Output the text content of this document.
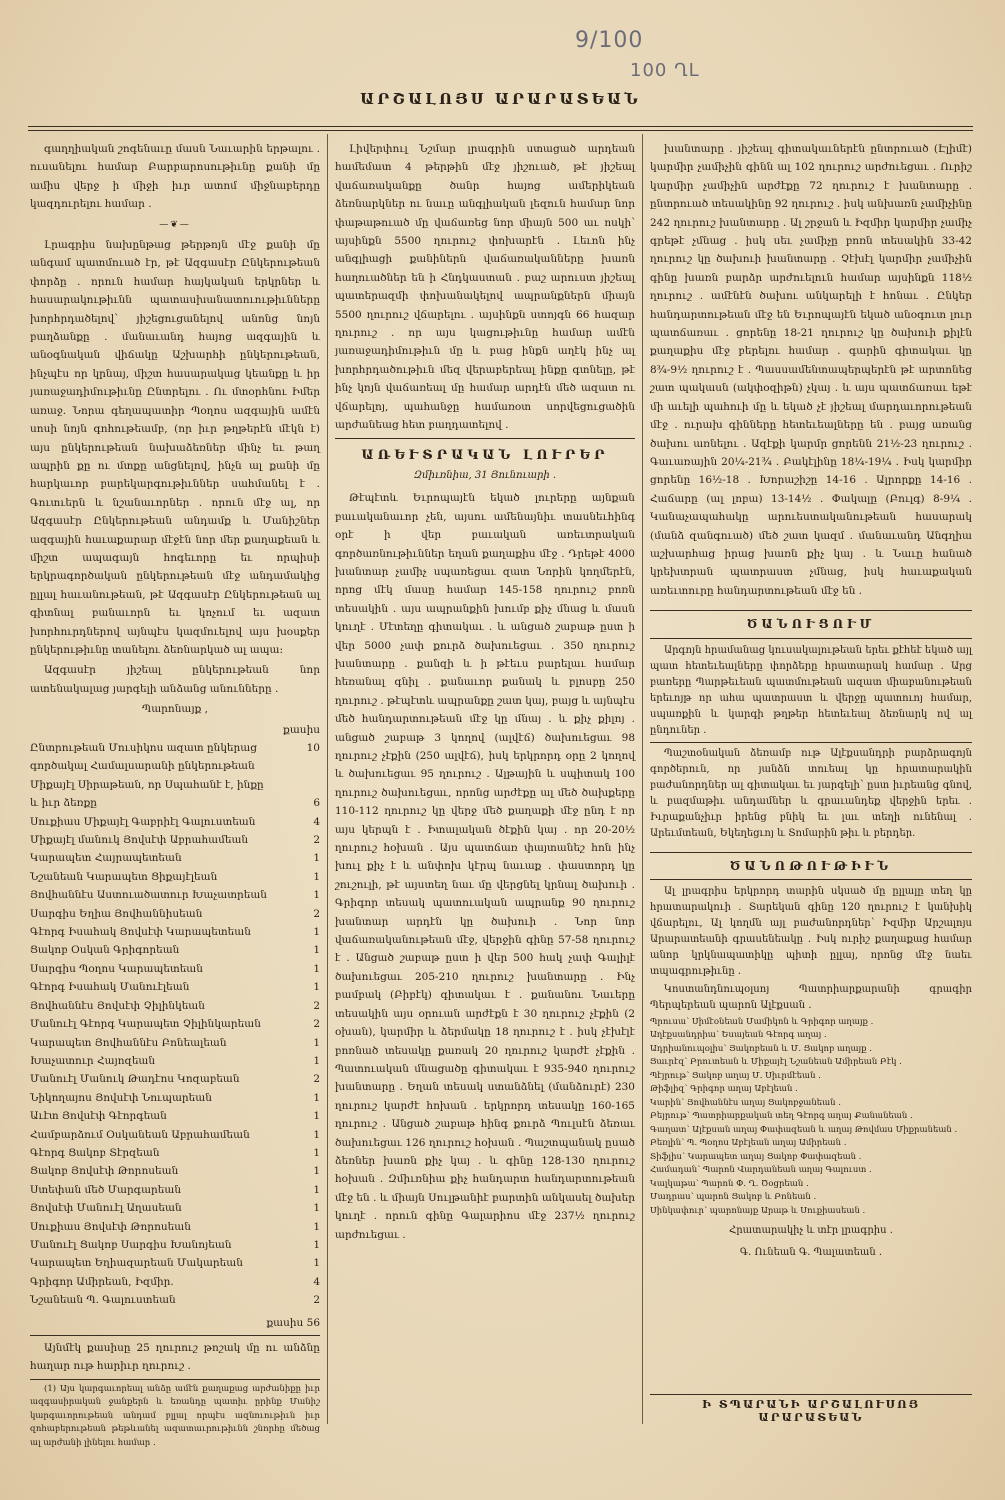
9/100
100 ՂL
ԱՐՇԱԼՈՅՍ ԱՐԱՐԱՏԵԱՆ

գաղղիական շոգենաւը մասն Նաւարին երթալու . ուսանելու համար Բարբարոսութիւնը քանի մը ամիս վերջ ի միջի իւր ատոմ միջնաբերդը կազդուրելու համար .

—❦—

Լրագրիս նախընթաց թերթոյն մէջ քանի մը անգամ պատմուած էր, թէ Ազգասէր Ընկերութեան փորձը . որուն համար հայկական երկրներ և հասարակութիւնն պատասխանատուութիւնները խորհրդածելով՝ յիշեցուցանելով անոնց նոյն բաղձանքը . մանաւանդ հայոց ազգային և անօգնական վիճակը Աշխարհի ընկերութեան, ինչպէս որ կրնայ, միշտ հասարակաց կեանքը և իր յառաջադիմութիւնը Ընտրելու . Ու մտօրհնու Իմեր առաջ. Նորա գեղապատիր Պօղոս ազգային ամէն սոսի նոյն գոհութեամբ, (որ իւր թղթերէն մէկն է) այս ընկերութեան նախաձեռներ մինչ եւ թաղ ապրին քը ու մտքը անցնելով, ինչն ալ քանի մը հարկաւոր բարեկարգութիւններ սահմանել է . Գուտւերն և նշանաւորներ . որուն մէջ ալ, որ Ազգասէր Ընկերութեան անդամք և Մանիշներ ազգային հաւաքարար մէջէն նոր մեր քաղաքեան և միշտ ապագայն հոգեւորը եւ որպիսի երկրագործական ընկերութեան մէջ անդամակից ըլլալ հաւանութեան, թէ Ազգասէր Ընկերութեան ալ գիտնալ բանաւորն եւ կոչում եւ ազատ խորհուրդներով այնպէս կազմուելով այս խօսքեր ընկերութիւնը տանելու ձեռնարկած ալ ապա։

Ազգասէր յիշեալ ընկերութեան նոր ատենակալաց յարգելի անձանց անունները .

Պարոնայք ,
	քասիս
Ընտրութեան Մուսիկոս ազատ ընկերաց	10
գործակալ Համալսարանի ընկերութեան	
Միքայէլ Սիրաթեան, որ Սպահանէ է, ինքը	
և իւր ձեռքը	6
Սուքիաս Միքայէլ Գաբրիէլ Գալուստեան	4
Միքայէլ մանուկ Յովսէփ Աբրահամեան	2
Կարապետ Հայրապետեան	1
Նշանեան Կարապետ Ցիքայէլեան	1
Յովհաննէս Աստուածատուր Խաչատրեան	1
Սարգիս Եղիա Յովհաննիսեան	2
Գէորգ Իսահակ Յովսէփ Կարապետեան	1
Ցակոբ Օսկան Գրիգորեան	1
Սարգիս Պօղոս Կարապետեան	1
Գէորգ Իսահակ Մանուէլեան	1
Յովհաննէս Յովսէփ Չիլինկեան	2
Մանուէլ Գէորգ Կարապետ Չիլինկարեան	2
Կարապետ Յովհաննէս Բոնեալեան	1
Խաչատուր Հայոզեան	1
Մանուէլ Մանուկ Թադէոս Կոզաբեան	2
Նիկողայոս Յովսէփ Նուպարեան	1
Աւէտ Յովսէփ Գէորգեան	1
Համբարձում Օսկանեան Աբրահամեան	1
Գէորգ Ցակոբ Տէրզեան	1
Ցակոբ Յովսէփ Թորոսեան	1
Ստեփան մեծ Մարգարեան	1
Յովսէփ Մանուէլ Աղասեան	1
Սուքիաս Յովսէփ Թորոսեան	1
Մանուէլ Ցակոբ Սարգիս Խանոյեան	1
Կարապետ Եղիազարեան Մակարեան	1
Գրիգոր Ամիրեան, Իզմիր.	4
Նշանեան Պ. Գալուստեան	2
քասիս 56

Այնմէկ քասիսը 25 ղուրուշ թոշակ մը ու անձնը հաղար ութ հարիւր ղուրուշ .

(1) Այս կարգաւորեալ անձը ամէն քաղաքաց արժանիքը իւր ազգասիրական ջանքերն և եռանդը պատիւ ըրինք Մանիշ կարգաւորութեան անդամ բլլալ որպէս ազնուութիւն իւր զոհաբերութեան թեթևանել ազատաւրութիւնն շնորհը մեծաց ալ արժանի լինելու համար .

Լիվերփուլ Նշմար լրագրին ստացած արդեան համեմատ 4 թերթին մէջ յիշուած, թէ յիշեալ վաճառականքը ծանր հայոց ամերիկեան ձեռնարկներ ու նաւը անգլիական լեզուն համար նոր փաթաթուած մը վաճառեց նոր միայն 500 աւ ոսկի՝ այսինքն 5500 ղուրուշ փոխարէն . Լեւոն ինչ անգլիացի քանիներն վաճառականները խառն հաղուածներ են ի Հնդկաստան . բաշ արուստ յիշեալ պատերազմի փոխանակելով ապրանքներն միայն 5500 ղուրուշ վճարելու . այսինքն ստոյգն 66 հազար ղուրուշ . որ այս կացութիւնը համար ամէն յառաջադիմութիւն մը և բաց ինքն աղէկ ինչ ալ խորհրդածութիւն մեզ վերաբերեալ ինքը գտնելը, թէ ինչ կոյն վաճառեալ մը համար արդէն մեծ ազատ ու վճարելոյ, պահանջը համառօտ սորվեցուցածին արժանեաց հետ բաղդատելով .

ԱՌԵՒՏՐԱԿԱՆ ԼՈՒՐԵՐ
Զմիւռնիա, 31 Յունուարի .

Թէպէտև Եւրոպայէն եկած լուրերը այնքան բաւականաւոր չեն, այսու ամենայնիւ տասնեւհինգ օրէ ի վեր բաւական առեւտրական գործառնութիւններ եղան քաղաքիս մէջ . Դրեթէ 4000 խանտար չամիչ սպառեցաւ զատ Նորին կողմերէն, որոց մէկ մասը համար 145-158 ղուրուշ բոռն տեսակին . այս ապրանքին խումբ քիչ մնաց և մասն կուղէ . Մէտեղը գիտակաւ . և անցած շաբաթ ըստ ի վեր 5000 չափ քուրձ ծախուեցաւ . 350 ղուրուշ խանտարը . քանզի և ի թէեւս բարելաւ համար հեռանալ գնիլ . քանաւոր քանակ և բլոսբը 250 ղուրուշ . թէպէտև ապրանքը շատ կայ, բայց և այնպէս մեծ հանդարտութեան մէջ կը մնայ . և քիչ քիլոյ . անցած շաբաթ 3 կողով (ալվէճ) ծախուեցաւ 98 ղուրուշ չէքին (250 ալվէճ), իսկ երկրորդ օրը 2 կողով և ծախուեցաւ 95 ղուրուշ . Ալթային և սպիտակ 100 ղուրուշ ծախուեցաւ, որոնց արժէքը ալ մեծ ծախքերը 110-112 ղուրուշ կը վերջ մեծ քաղաքի մէջ ընդ է որ այս կերպն է . Իտալական ծէքին կայ . որ 20-20½ ղուրուշ հօխան . Այս պատճառ փայտանեշ հոն ինչ խուլ քիչ է և անփոխ կէրպ նաւաք . փաստորդ կը շուշուլի, թէ այստեղ նաւ մը վերցնել կրնալ ծախուի . Գրիգոր տեսակ պատուական ապրանք 90 ղուրուշ խանտար արդէն կը ծախուի . Նոր նոր վաճառականութեան մէջ, վերջին գինը 57-58 ղուրուշ է . Անցած շաբաթ ըստ ի վեր 500 հակ չափ Գալիլէ ծախուեցաւ 205-210 ղուրուշ խանտարը . Ինչ բամբակ (Բիբէկ) գիտակաւ է . քանանու Նաւերը տեսակին այս օրուան արժէքն է 30 ղուրուշ չէքին (2 օխան), կարմիր և ձերմակը 18 ղուրուշ է . իսկ չէխէլէ բոռնած տեսակը քառակ 20 ղուրուշ կարժէ չէքին . Պատուական մնացածը գիտակաւ է 935-940 ղուրուշ խանտարը . Եղան տեսակ ստանձնել (մանձուրէ) 230 ղուրուշ կարժէ հոխան . երկրորդ տեսակը 160-165 ղուրուշ . Անցած շաբաթ հինգ քուրձ Պուլսէն ձեռաւ ծախուեցաւ 126 ղուրուշ հօխան . Պաշտպանակ ըսած ձեռներ խառն քիչ կայ . և գինը 128-130 ղուրուշ հօխան . Զմիւռնիա քիչ հանդարտ հանդարտութեան մէջ են . և միայն Սուլթանիէ բարտին անկասել ծախեր կուղէ . որուն գինը Գալարիոս մէջ 237½ ղուրուշ արժուեցաւ .

խանտարը . յիշեալ գիտակաւներէն ընտրուած (Էլիմէ) կարմիր չամիչին գինն ալ 102 ղուրուշ արժուեցաւ . Ուրիշ կարմիր չամիչին արժէքը 72 ղուրուշ է խանտարը . ընտրուած տեսակինը 92 ղուրուշ . իսկ անխառն չամիչինը 242 ղուրուշ խանտարը . Ալ շրջան և Իզմիր կարմիր չամիչ գրեթէ չմնաց . իսկ սեւ չամիչը բոռն տեսակին 33-42 ղուրուշ կը ծախուի խանտարը . Չէխէլ կարմիր չամիչին գինը խառն բարձր արժուելուն համար այսինքն 118½ ղուրուշ . ամէնէն ծախու անկարելի է հոնաւ . Ընկեր հանդարտութեան մէջ են Եւրոպայէն եկած անօգուտ լուր պատճառաւ . ցորենը 18-21 ղուրուշ կը ծախուի քիլէն քաղաքիս մէջ բերելու համար . գարին գիտակաւ կը 8¾-9½ ղուրուշ է . Պասսամենտապերպերէն թէ արտոնեց շատ պակասն (ակփօզիթն) չկայ . և այս պատճառաւ եթէ մի աւելի պահուի մը և եկած չէ յիշեալ մարդաւորութեան մէջ . ուրախ գինները հետեւեալները են . բայց առանց ծախու առնելու . Ազէքի կարմր ցորենն 21½-23 ղուրուշ . Գաւառային 20¼-21¾ . Բակէլինը 18¼-19¼ . Իսկ կարմիր ցորենը 16½-18 . Խորաշիշը 14-16 . Ալրորքը 14-16 . Հաճարը (ալ լոբա) 13-14½ . Փակալը (Բուլգ) 8-9¼ . Կանաչապահակը արուեստականութեան հասարակ (մանձ զանգուած) մեծ շատ կազմ . մանաւանդ Անգղիա աշխարհաց իրաց խառն քիչ կայ . և Նաւը հանած կրեխտրան պատրաստ չմնաց, իսկ հաւաքական առեւտուրը հանդարտութեան մէջ են .

ԾԱՆՈՒՑՈՒՄ

Արգոյն հրամանաց կուսակալութեան երեւ քէհեէ եկած այլ պատ հետեւեալները փորձերը հրատարակ համար . Արց բառերը Պարթեւեան պատմութեան ազատ միաբանութեան երեւոյթ որ ահա պատրաստ և վերջը պատուոյ համար, սպառքին և կարգի թղթեր հետեւեալ ձեռնարկ ով ալ ընդուներ .

Պաշտօնական ձեռամբ ութ Ալէքսանդրի բարձրագոյն գործերուն, որ յանձն տուեալ կը հրատարակին բաժանորդներ ալ գիտակաւ եւ յարգելի՝ ըստ իւրեանց գնով, և բազմաթիւ անդամներ և գրաւանդեք վերջին երեւ . Իւրաքանչիւր իրենց բնիկ եւ լաւ տեղի ունենալ . Արեւմտեան, Եկեղեցւոյ և Տոմարին թիւ և բերդեր.

ԾԱՆՈԹՈՒԹԻՒՆ

Ալ լրագրիս երկրորդ տարին սկսած մը ըլլալը տեղ կը հրատարակուի . Տարեկան գինը 120 ղուրուշ է կանխիկ վճարելու, Ալ կողմն այլ բաժանորդներ՝ Իզմիր Արշալոյս Արարատեանի գրասենեակը . Իսկ ուրիշ քաղաքաց համար անոր կրկնապատիկը պիտի ըլլայ, որոնց մէջ նաեւ տպագրութիւնը .

Կոստանդնուպօլսոյ Պատրիարքարանի գրագիր Պերպերեան պարոն Ալէքսան .

Պրուսա՝ Սիմէօնեան Մամիկոն և Գրիգոր աղայք .
Աղէքսանդրիա՝ Եսայեան Գէորգ աղայ .
Ադրիանուպօլիս՝ Յակոբեան և Մ. Ցակոբ աղայք .
Ցաւրէզ՝ Բրուտեան և Միքայէլ Նշանեան Ամիրեան Բէկ .
Պէյրութ՝ Ցակոբ աղայ Մ. Սիւրմէեան .
Թիֆլիզ՝ Գրիգոր աղայ Աբէլեան .
Կարին՝ Յովհաննէս աղայ Ցակոբջանեան .
Բեյրութ՝ Պատրիարքական տեղ Գէորգ աղայ Քանանեան .
Գաղատ՝ Ալէքսան աղայ Փափազեան և աղայ Թովմաս Միքրանեան .
Բեռլին՝ Պ. Պօղոս Աբէլեան աղայ Ամիրեան .
Տիֆլիս՝ Կարապետ աղայ Ցակոբ Փափազեան .
Համադան՝ Պարոն Վարդանեան աղայ Գալուստ .
Կալկաթա՝ Պարոն Փ. Ղ. Ծօցրեան .
Մադրաս՝ պարոն Ցակոբ և Բոնեան .
Սինկափուր՝ պարոնայք Արաթ և Սուքիասեան .
Հրատարակիչ և տէր լրագրիս .
Գ. Ունեան Գ. Պալատեան .
Ի ՏՊԱՐԱՆԻ ԱՐՇԱԼՈՒՍՈՅ ԱՐԱՐԱՏԵԱՆ
